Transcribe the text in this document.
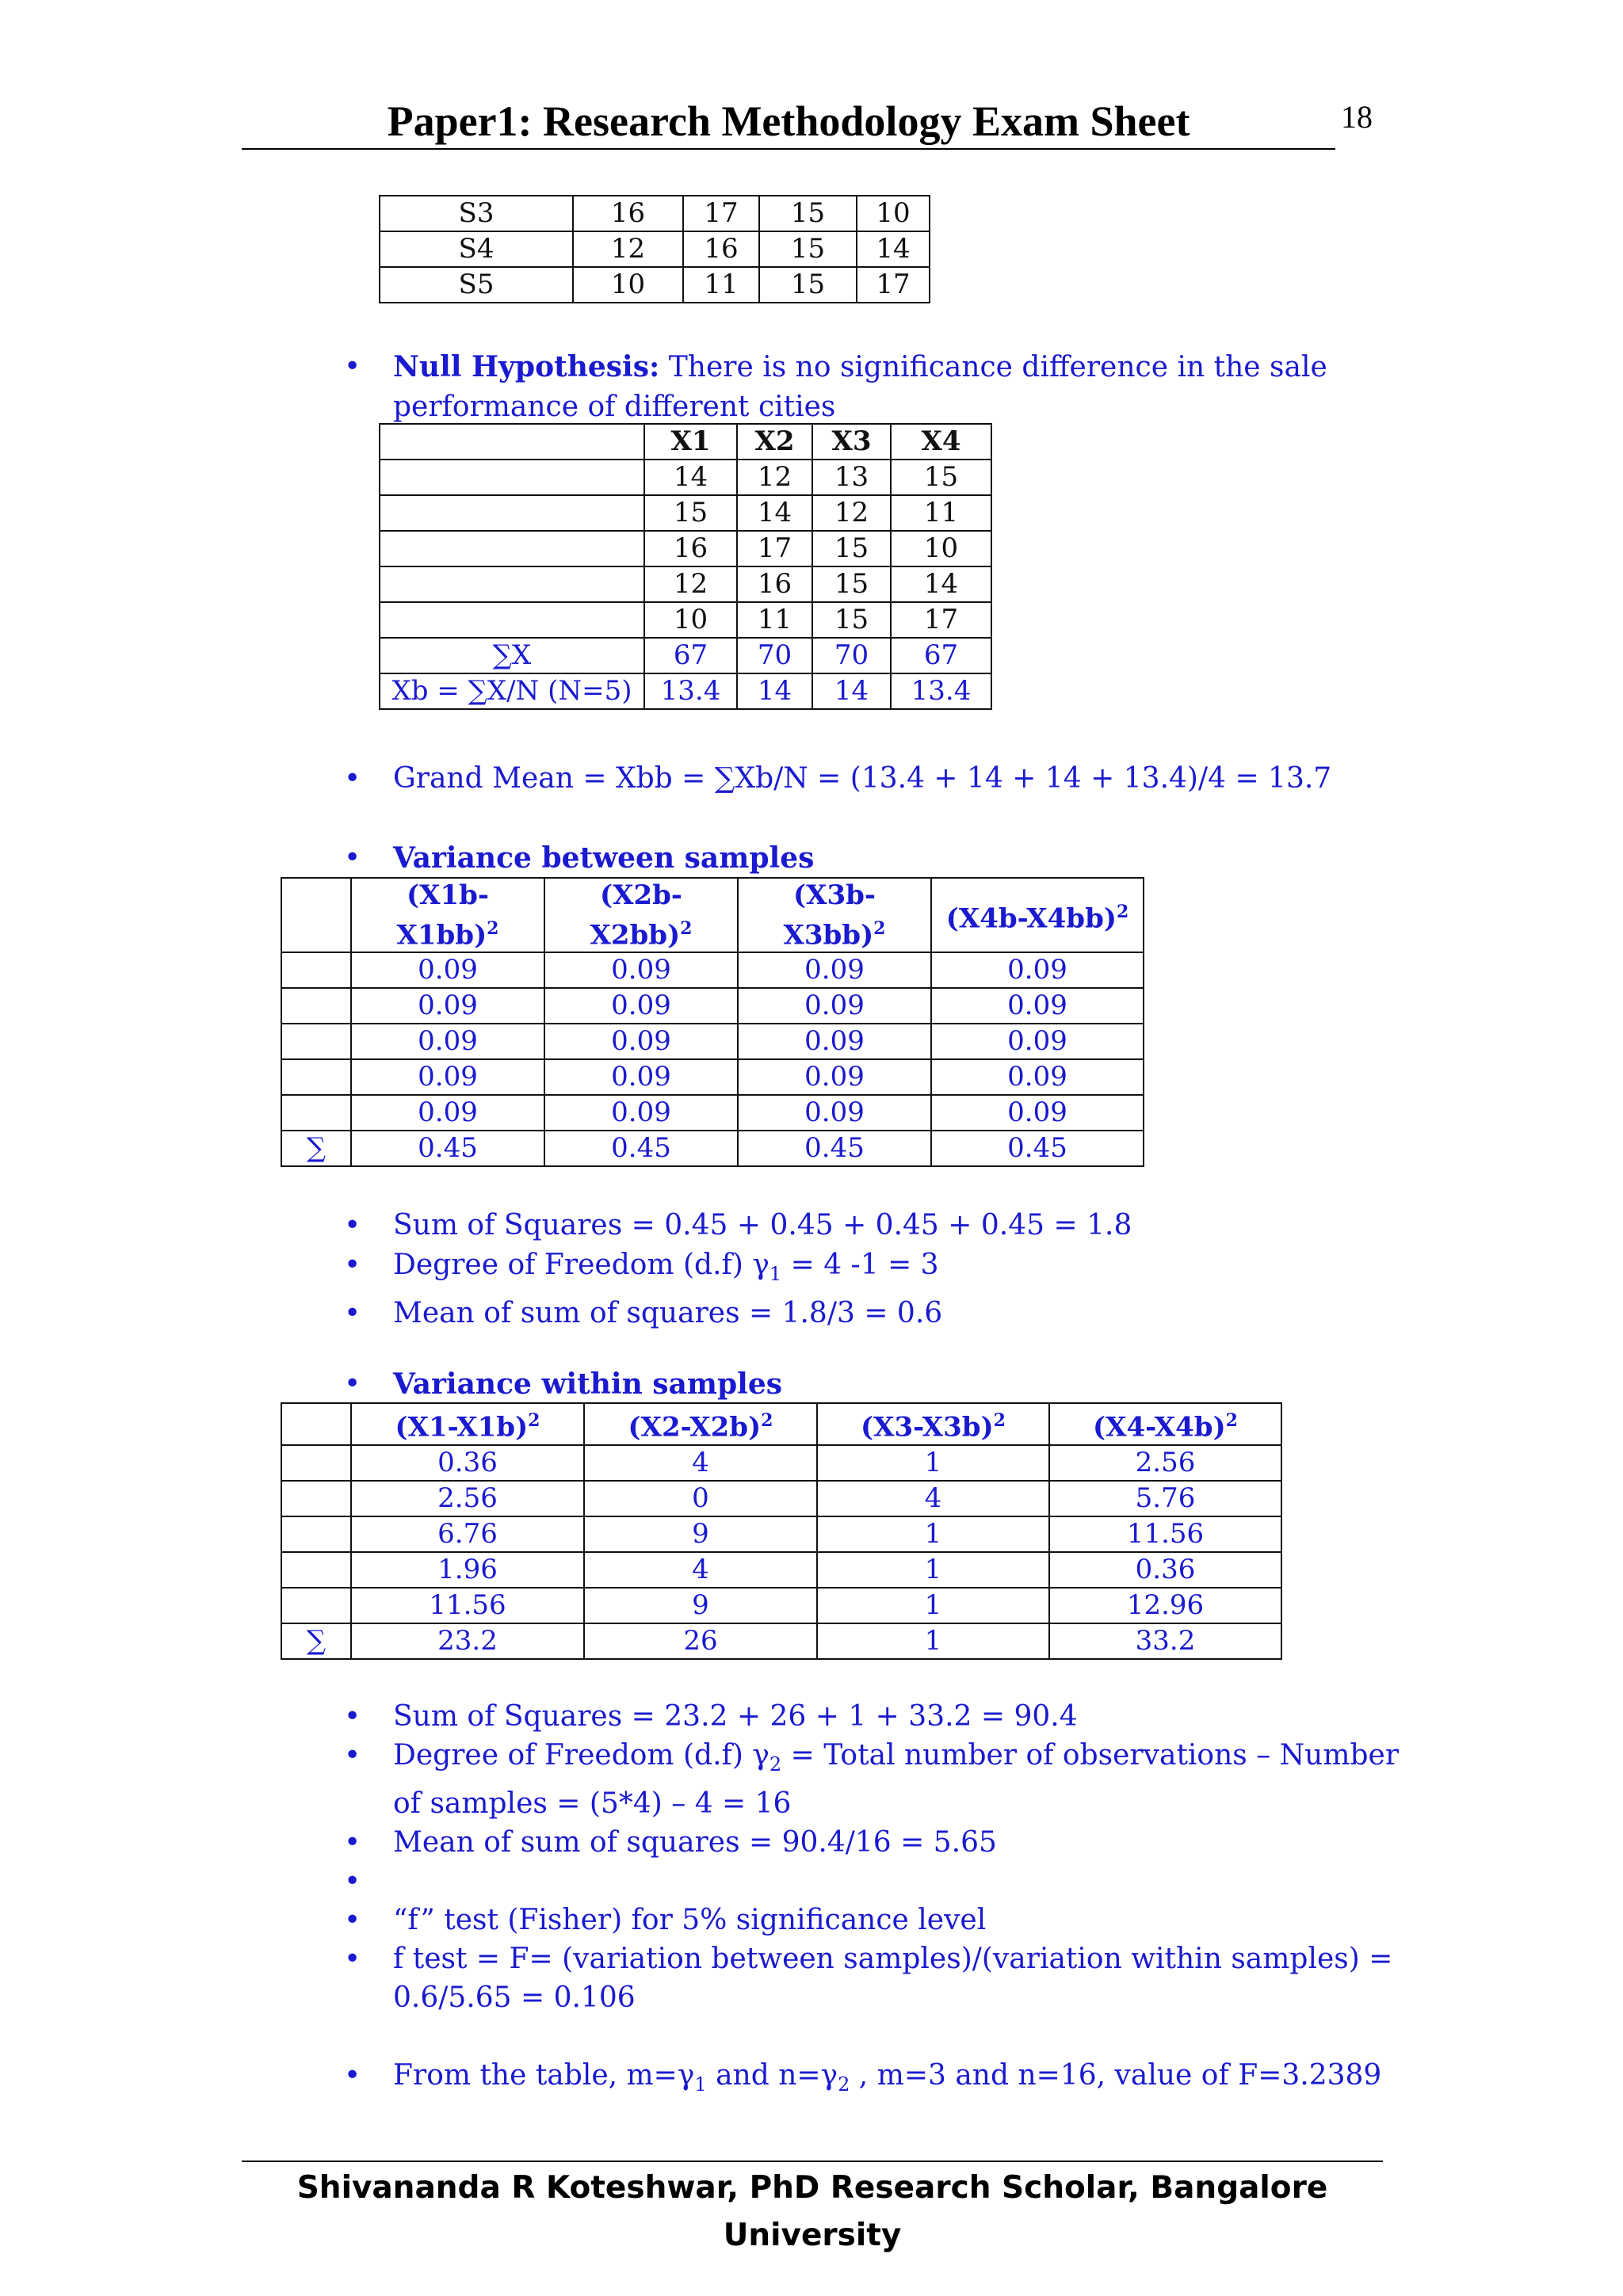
Paper1: Research Methodology Exam Sheet	18
S3	16	17	15	10
S4	12	16	15	14
S5	10	11	15	17
• Null Hypothesis: There is no significance difference in the sale
performance of different cities
	X1	X2	X3	X4
	14	12	13	15
	15	14	12	11
	16	17	15	10
	12	16	15	14
	10	11	15	17
∑X	67	70	70	67
Xb = ∑X/N (N=5)	13.4	14	14	13.4
• Grand Mean = Xbb = ∑Xb/N = (13.4 + 14 + 14 + 13.4)/4 = 13.7
• Variance between samples
	(X1b-
X1bb)$^2$	(X2b-
X2bb)$^2$	(X3b-
X3bb)$^2$	$(X4b-X4bb)^2$
	0.09	0.09	0.09	0.09
	0.09	0.09	0.09	0.09
	0.09	0.09	0.09	0.09
	0.09	0.09	0.09	0.09
	0.09	0.09	0.09	0.09
∑	0.45	0.45	0.45	0.45
• Sum of Squares = 0.45 + 0.45 + 0.45 + 0.45 = 1.8
• Degree of Freedom (d.f) $\gamma_1 = 4$ -1 = 3
• Mean of sum of squares = 1.8/3 = 0.6
• Variance within samples
	$(X1-X1b)^2$	$(X2-X2b)^2$	$(X3-X3b)^2$	$(X4-X4b)^2$
	0.36	4	1	2.56
	2.56	0	4	5.76
	6.76	9	1	11.56
	1.96	4	1	0.36
	11.56	9	1	12.96
∑	23.2	26	1	33.2
• Sum of Squares = 23.2 + 26 + 1 + 33.2 = 90.4
• Degree of Freedom (d.f) $\gamma_2$ = Total number of observations – Number
of samples = (5*4) – 4 = 16
• Mean of sum of squares = 90.4/16 = 5.65
•
• “f” test (Fisher) for 5% significance level
• f test = F= (variation between samples)/(variation within samples) =
0.6/5.65 = 0.106
• From the table, $m=\gamma_1$ and $n=\gamma_2$ , m=3 and n=16, value of F=3.2389
Shivananda R Koteshwar, PhD Research Scholar, Bangalore University
